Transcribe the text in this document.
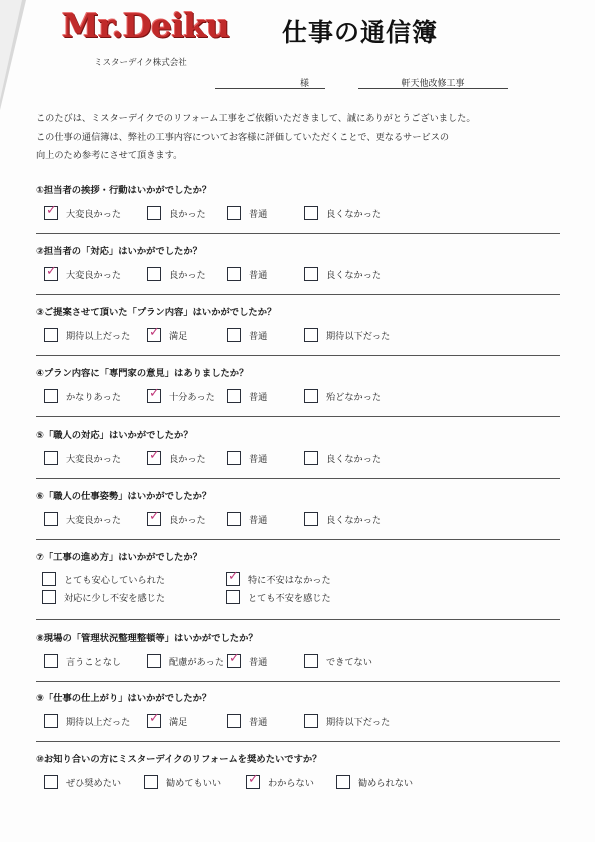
Mr.Deiku 仕事の通信簿
ミスターデイク株式会社
様	軒天他改修工事
このたびは、ミスターデイクでのリフォーム工事をご依頼いただきまして、誠にありがとうございました。
この仕事の通信簿は、弊社の工事内容についてお客様に評価していただくことで、更なるサービスの
向上のため参考にさせて頂きます。
①担当者の挨拶・行動はいかがでしたか？
✓ 大変良かった	良かった	普通	良くなかった
②担当者の「対応」はいかがでしたか？
✓ 大変良かった	良かった	普通	良くなかった
③ご提案させて頂いた「プラン内容」はいかがでしたか？
期待以上だった ✓ 満足	普通	期待以下だった
④プラン内容に「専門家の意見」はありましたか？
かなりあった ✓ 十分あった	普通	殆どなかった
⑤「職人の対応」はいかがでしたか？
大変良かった ✓ 良かった	普通	良くなかった
⑥「職人の仕事姿勢」はいかがでしたか？
大変良かった ✓ 良かった	普通	良くなかった
⑦「工事の進め方」はいかがでしたか？
とても安心していられた	✓ 特に不安はなかった
対応に少し不安を感じた	とても不安を感じた
⑧現場の「管理状況整理整頓等」はいかがでしたか？
言うことなし	配慮があった ✓ 普通	できてない
⑨「仕事の仕上がり」はいかがでしたか？
期待以上だった ✓ 満足	普通	期待以下だった
⑩お知り合いの方にミスターデイクのリフォームを奨めたいですか？
ぜひ奨めたい	勧めてもいい ✓ わからない	勧められない
